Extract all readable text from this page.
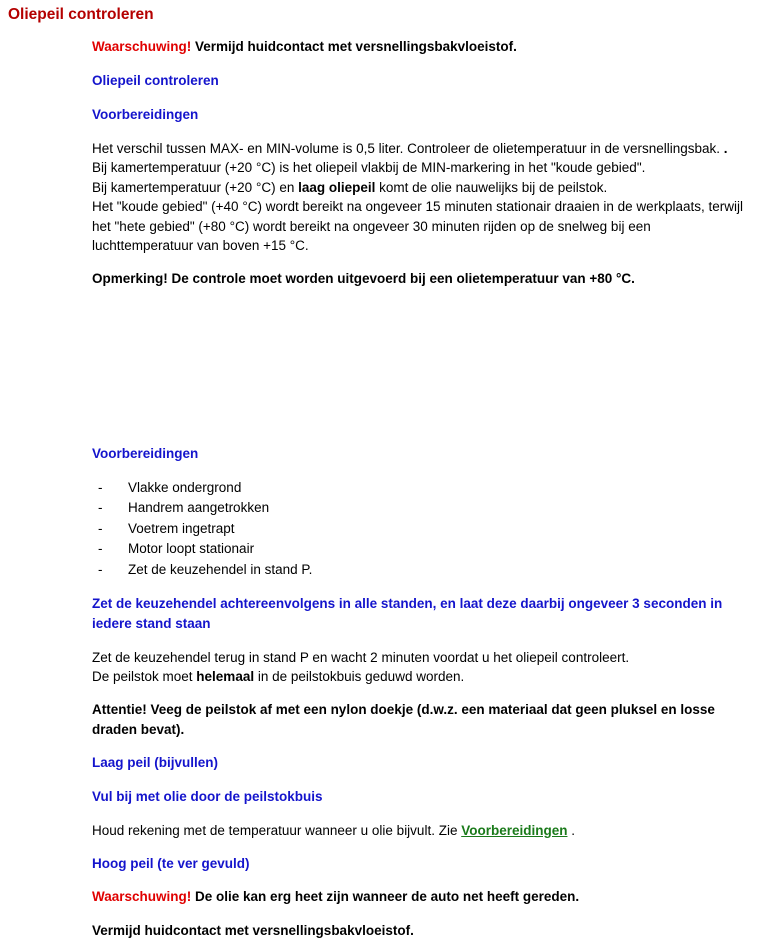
Oliepeil controleren

Waarschuwing! Vermijd huidcontact met versnellingsbakvloeistof.

Oliepeil controleren

Voorbereidingen

Het verschil tussen MAX- en MIN-volume is 0,5 liter. Controleer de olietemperatuur in de versnellingsbak. .

Bij kamertemperatuur (+20 °C) is het oliepeil vlakbij de MIN-markering in het "koude gebied".

Bij kamertemperatuur (+20 °C) en laag oliepeil komt de olie nauwelijks bij de peilstok.

Het "koude gebied" (+40 °C) wordt bereikt na ongeveer 15 minuten stationair draaien in de werkplaats, terwijl het "hete gebied" (+80 °C) wordt bereikt na ongeveer 30 minuten rijden op de snelweg bij een luchttemperatuur van boven +15 °C.

Opmerking! De controle moet worden uitgevoerd bij een olietemperatuur van +80 °C.

Voorbereidingen

- Vlakke ondergrond
- Handrem aangetrokken
- Voetrem ingetrapt
- Motor loopt stationair
- Zet de keuzehendel in stand P.

Zet de keuzehendel achtereenvolgens in alle standen, en laat deze daarbij ongeveer 3 seconden in iedere stand staan

Zet de keuzehendel terug in stand P en wacht 2 minuten voordat u het oliepeil controleert.

De peilstok moet helemaal in de peilstokbuis geduwd worden.

Attentie! Veeg de peilstok af met een nylon doekje (d.w.z. een materiaal dat geen pluksel en losse draden bevat).

Laag peil (bijvullen)

Vul bij met olie door de peilstokbuis

Houd rekening met de temperatuur wanneer u olie bijvult. Zie Voorbereidingen .

Hoog peil (te ver gevuld)

Waarschuwing! De olie kan erg heet zijn wanneer de auto net heeft gereden.

Vermijd huidcontact met versnellingsbakvloeistof.
